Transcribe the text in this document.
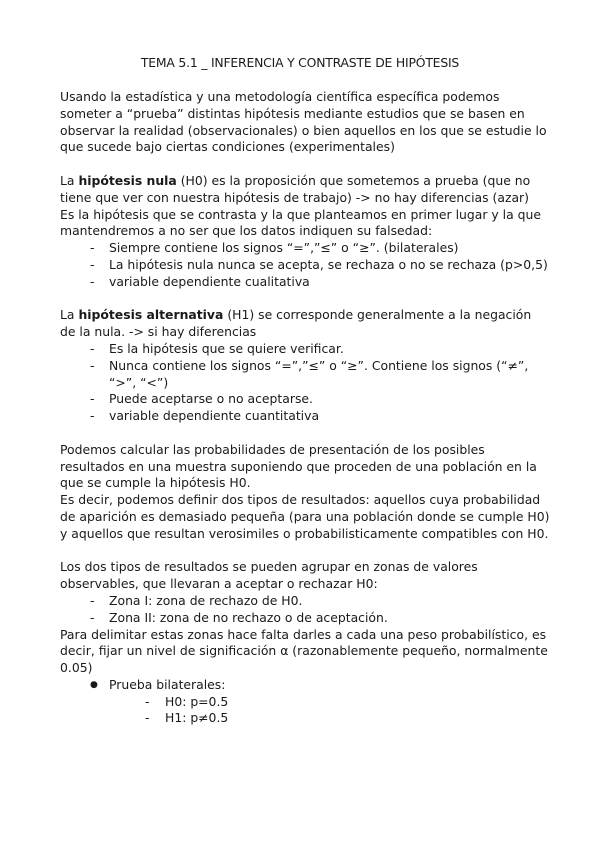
TEMA 5.1 _ INFERENCIA Y CONTRASTE DE HIPÓTESIS

Usando la estadística y una metodología científica específica podemos someter a “prueba” distintas hipótesis mediante estudios que se basen en observar la realidad (observacionales) o bien aquellos en los que se estudie lo que sucede bajo ciertas condiciones (experimentales)

La hipótesis nula (H0) es la proposición que sometemos a prueba (que no tiene que ver con nuestra hipótesis de trabajo) -> no hay diferencias (azar)

Es la hipótesis que se contrasta y la que planteamos en primer lugar y la que mantendremos a no ser que los datos indiquen su falsedad:

- Siempre contiene los signos “=”,”≤” o “≥”. (bilaterales)
- La hipótesis nula nunca se acepta, se rechaza o no se rechaza (p>0,5)
- variable dependiente cualitativa

La hipótesis alternativa (H1) se corresponde generalmente a la negación de la nula. -> si hay diferencias

- Es la hipótesis que se quiere verificar.
- Nunca contiene los signos “=”,”≤” o “≥”. Contiene los signos (“≠”, “>”, “<”)
- Puede aceptarse o no aceptarse.
- variable dependiente cuantitativa

Podemos calcular las probabilidades de presentación de los posibles resultados en una muestra suponiendo que proceden de una población en la que se cumple la hipótesis H0.

Es decir, podemos definir dos tipos de resultados: aquellos cuya probabilidad de aparición es demasiado pequeña (para una población donde se cumple H0) y aquellos que resultan verosimiles o probabilisticamente compatibles con H0.

Los dos tipos de resultados se pueden agrupar en zonas de valores observables, que llevaran a aceptar o rechazar H0:

- Zona I: zona de rechazo de H0.
- Zona II: zona de no rechazo o de aceptación.

Para delimitar estas zonas hace falta darles a cada una peso probabilístico, es decir, fijar un nivel de significación α (razonablemente pequeño, normalmente 0.05)

● Prueba bilaterales:
- H0: p=0.5
- H1: p≠0.5
